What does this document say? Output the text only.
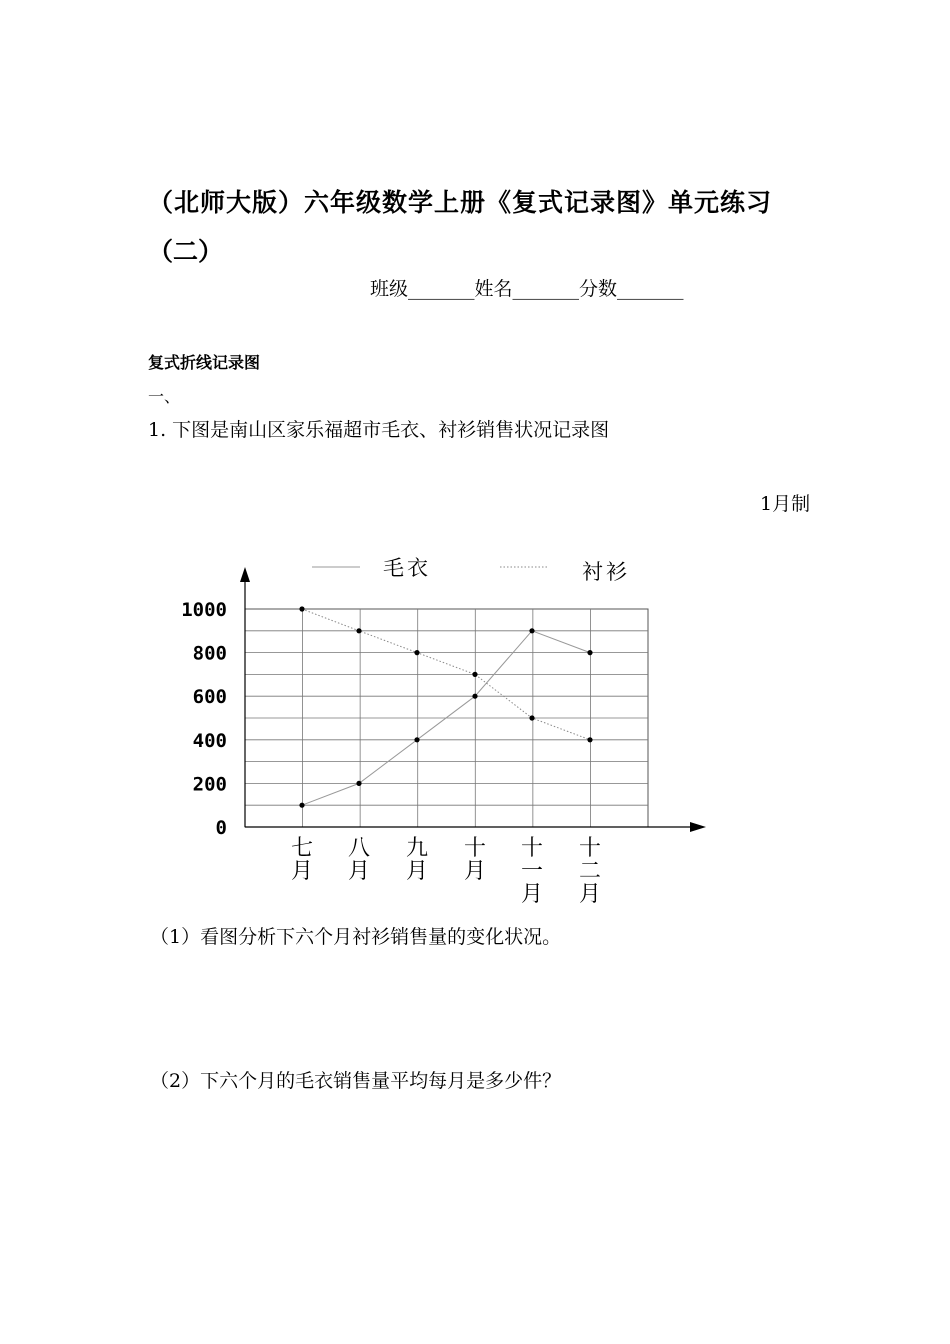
（北师大版）六年级数学上册《复式记录图》单元练习
（二）
班级_______姓名_______分数_______
复式折线记录图
一、
1. 下图是南山区家乐福超市毛衣、衬衫销售状况记录图
1月制
0
200
400
600
800
1000
七
月
八
月
九
月
十
月
十
一
月
十
二
月
毛衣	衬衫
（1）看图分析下六个月衬衫销售量的变化状况。
（2）下六个月的毛衣销售量平均每月是多少件？
